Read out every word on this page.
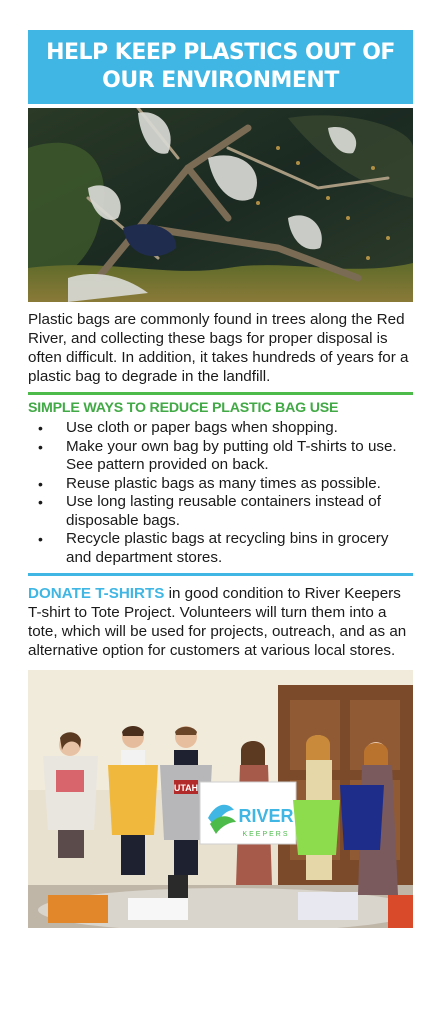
HELP KEEP PLASTICS OUT OF OUR ENVIRONMENT

Plastic bags are commonly found in trees along the Red River, and collecting these bags for proper disposal is often difficult. In addition, it takes hundreds of years for a plastic bag to degrade in the landfill.

SIMPLE WAYS TO REDUCE PLASTIC BAG USE
• Use cloth or paper bags when shopping.
• Make your own bag by putting old T-shirts to use. See pattern provided on back.
• Reuse plastic bags as many times as possible.
• Use long lasting reusable containers instead of disposable bags.
• Recycle plastic bags at recycling bins in grocery and department stores.

DONATE T-SHIRTS in good condition to River Keepers T-shirt to Tote Project. Volunteers will turn them into a tote, which will be used for projects, outreach, and as an alternative option for customers at various local stores.

UTAH
RIVER
KEEPERS
